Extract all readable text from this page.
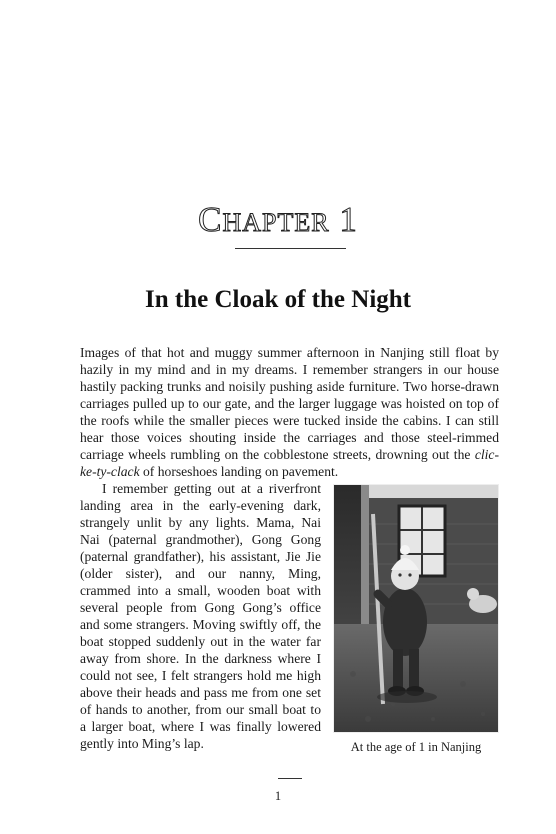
CHAPTER 1
In the Cloak of the Night

Images of that hot and muggy summer afternoon in Nanjing still float by hazily in my mind and in my dreams. I remember strangers in our house hastily packing trunks and noisily pushing aside furniture. Two horse-drawn carriages pulled up to our gate, and the larger luggage was hoisted on top of the roofs while the smaller pieces were tucked inside the cabins. I can still hear those voices shouting inside the carriages and those steel-rimmed carriage wheels rumbling on the cobblestone streets, drowning out the clic-ke-ty-clack of horseshoes landing on pavement.

I remember getting out at a riverfront landing area in the early-evening dark, strangely unlit by any lights. Mama, Nai Nai (paternal grandmother), Gong Gong (paternal grandfather), his assistant, Jie Jie (older sister), and our nanny, Ming, crammed into a small, wooden boat with several people from Gong Gong’s office and some strangers. Moving swiftly off, the boat stopped suddenly out in the water far away from shore. In the darkness where I could not see, I felt strangers hold me high above their heads and pass me from one set of hands to another, from our small boat to a larger boat, where I was finally lowered gently into Ming’s lap.	At the age of 1 in Nanjing
1
